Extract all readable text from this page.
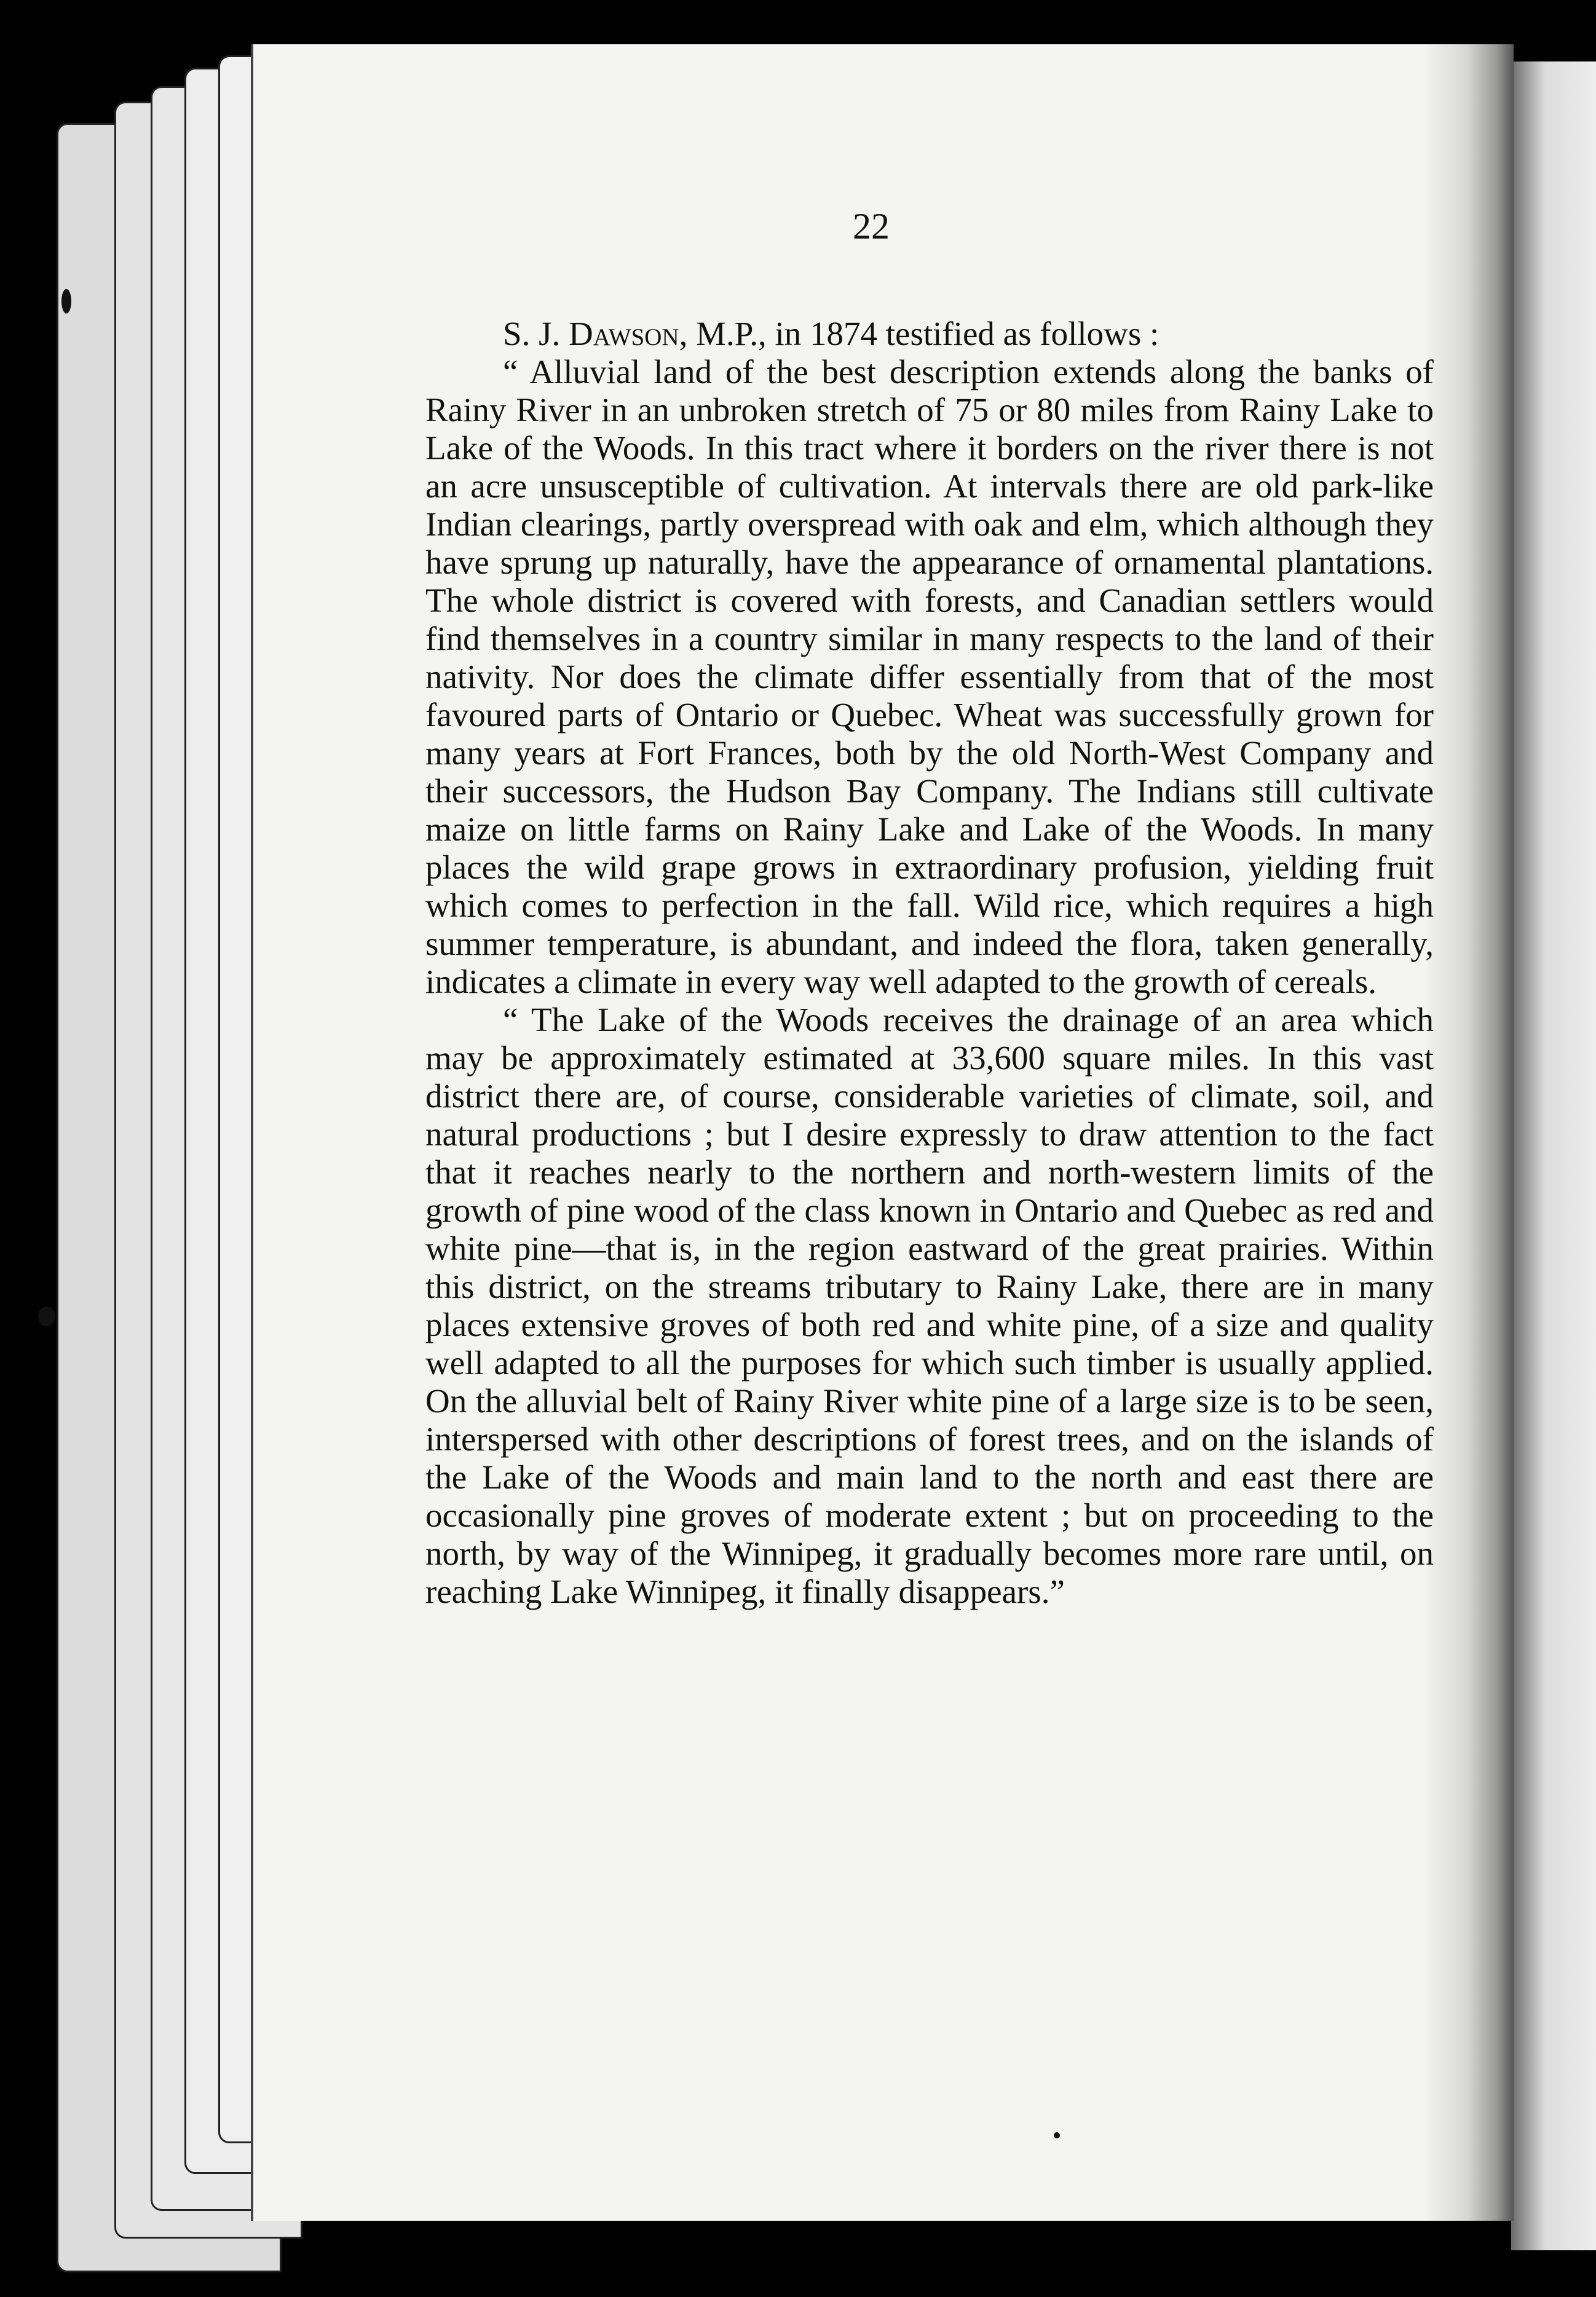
22

S. J. Dawson, M.P., in 1874 testified as follows :

“ Alluvial land of the best description extends along the banks of Rainy River in an unbroken stretch of 75 or 80 miles from Rainy Lake to Lake of the Woods. In this tract where it borders on the river there is not an acre unsusceptible of cultivation. At intervals there are old park-like Indian clearings, partly overspread with oak and elm, which although they have sprung up naturally, have the appearance of ornamental plantations. The whole district is covered with forests, and Canadian settlers would find themselves in a country similar in many respects to the land of their nativity. Nor does the climate differ essentially from that of the most favoured parts of Ontario or Quebec. Wheat was successfully grown for many years at Fort Frances, both by the old North-West Company and their successors, the Hudson Bay Company. The Indians still cultivate maize on little farms on Rainy Lake and Lake of the Woods. In many places the wild grape grows in extraordinary profusion, yielding fruit which comes to perfection in the fall. Wild rice, which requires a high summer temperature, is abundant, and indeed the flora, taken generally, indicates a climate in every way well adapted to the growth of cereals.

“ The Lake of the Woods receives the drainage of an area which may be approximately estimated at 33,600 square miles. In this vast district there are, of course, considerable varieties of climate, soil, and natural productions ; but I desire expressly to draw attention to the fact that it reaches nearly to the northern and north-western limits of the growth of pine wood of the class known in Ontario and Quebec as red and white pine—that is, in the region eastward of the great prairies. Within this district, on the streams tributary to Rainy Lake, there are in many places extensive groves of both red and white pine, of a size and quality well adapted to all the purposes for which such timber is usually applied. On the alluvial belt of Rainy River white pine of a large size is to be seen, interspersed with other descriptions of forest trees, and on the islands of the Lake of the Woods and main land to the north and east there are occasionally pine groves of moderate extent ; but on proceeding to the north, by way of the Winnipeg, it gradually becomes more rare until, on reaching Lake Winnipeg, it finally disappears.”
